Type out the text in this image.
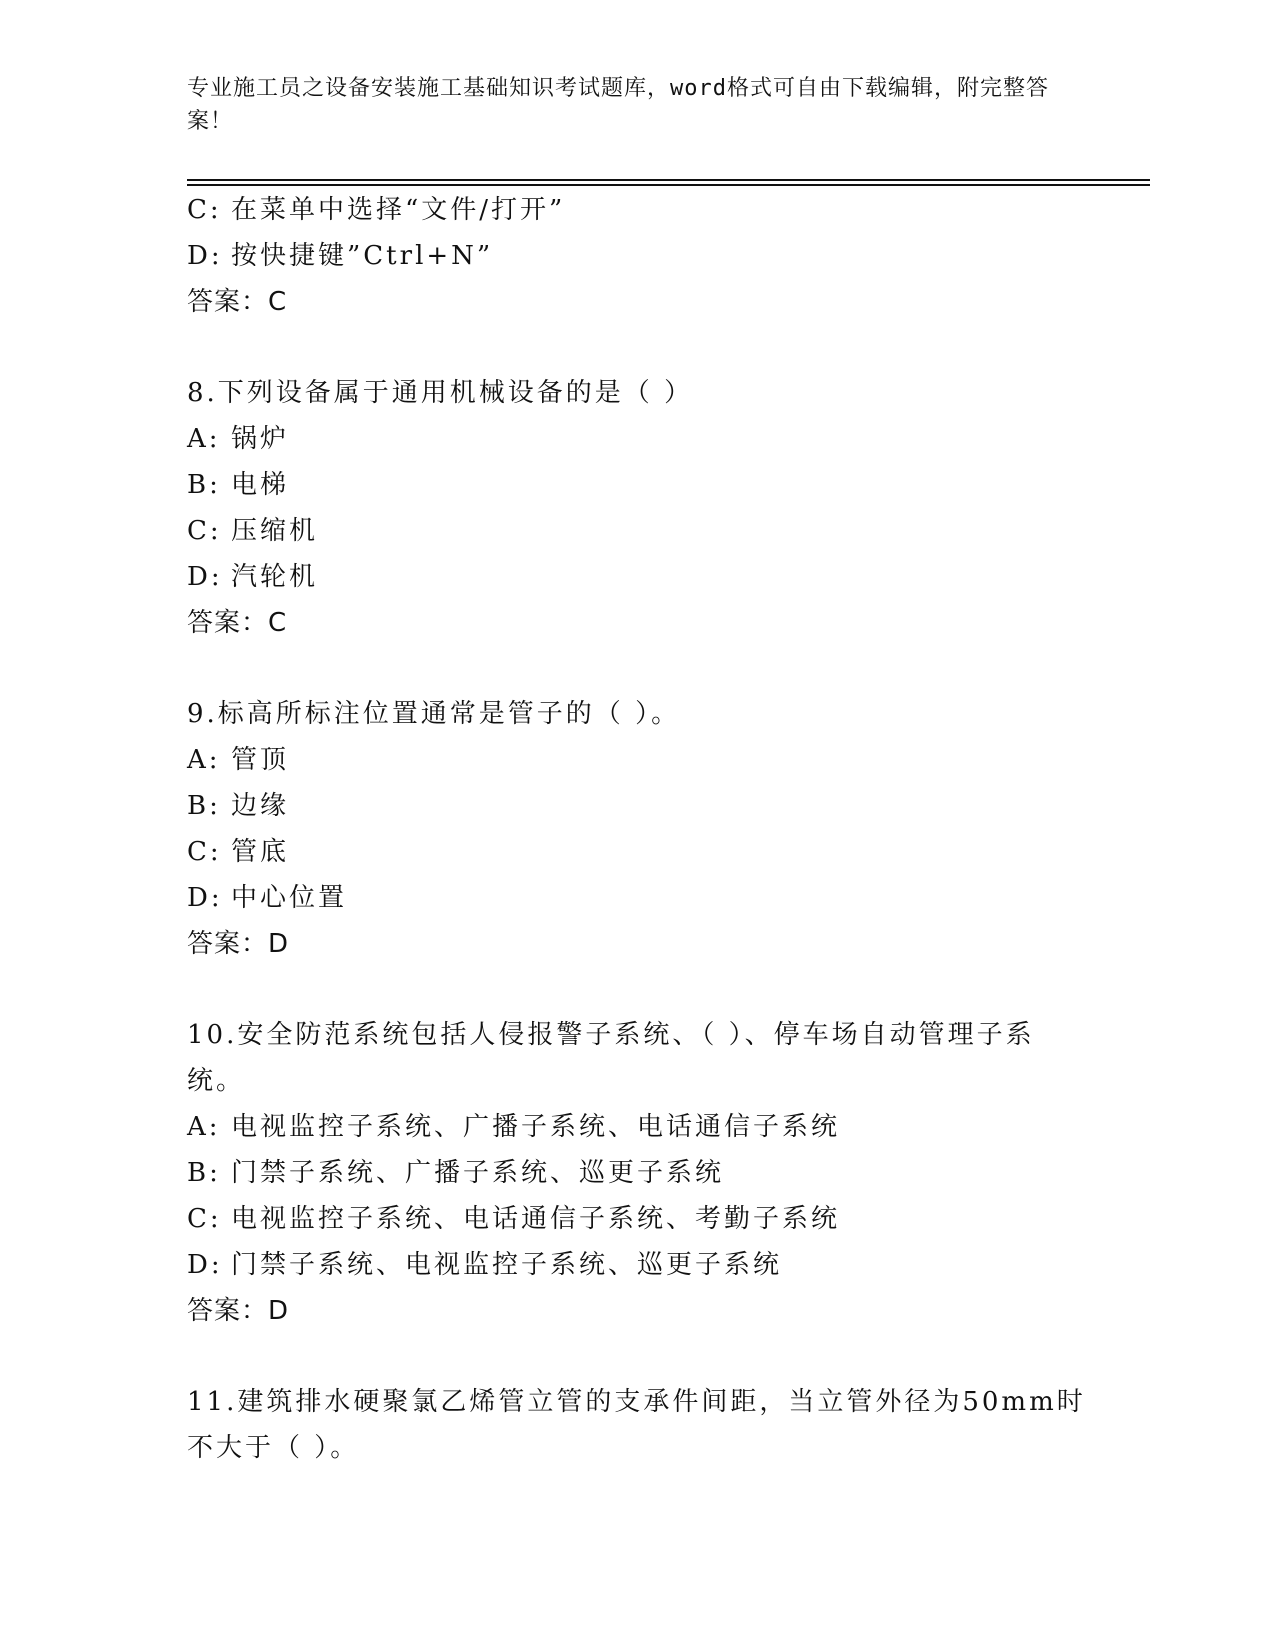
专业施工员之设备安装施工基础知识考试题库，word格式可自由下载编辑，附完整答案！
C: 在菜单中选择“文件/打开”
D: 按快捷键”Ctrl+N”
答案：C
8.下列设备属于通用机械设备的是（ ）
A: 锅炉
B: 电梯
C: 压缩机
D: 汽轮机
答案：C
9.标高所标注位置通常是管子的（ ）。
A: 管顶
B: 边缘
C: 管底
D: 中心位置
答案：D
10.安全防范系统包括人侵报警子系统、（ ）、停车场自动管理子系
统。
A: 电视监控子系统、广播子系统、电话通信子系统
B: 门禁子系统、广播子系统、巡更子系统
C: 电视监控子系统、电话通信子系统、考勤子系统
D: 门禁子系统、电视监控子系统、巡更子系统
答案：D
11.建筑排水硬聚氯乙烯管立管的支承件间距，当立管外径为50mm时
不大于（ ）。
